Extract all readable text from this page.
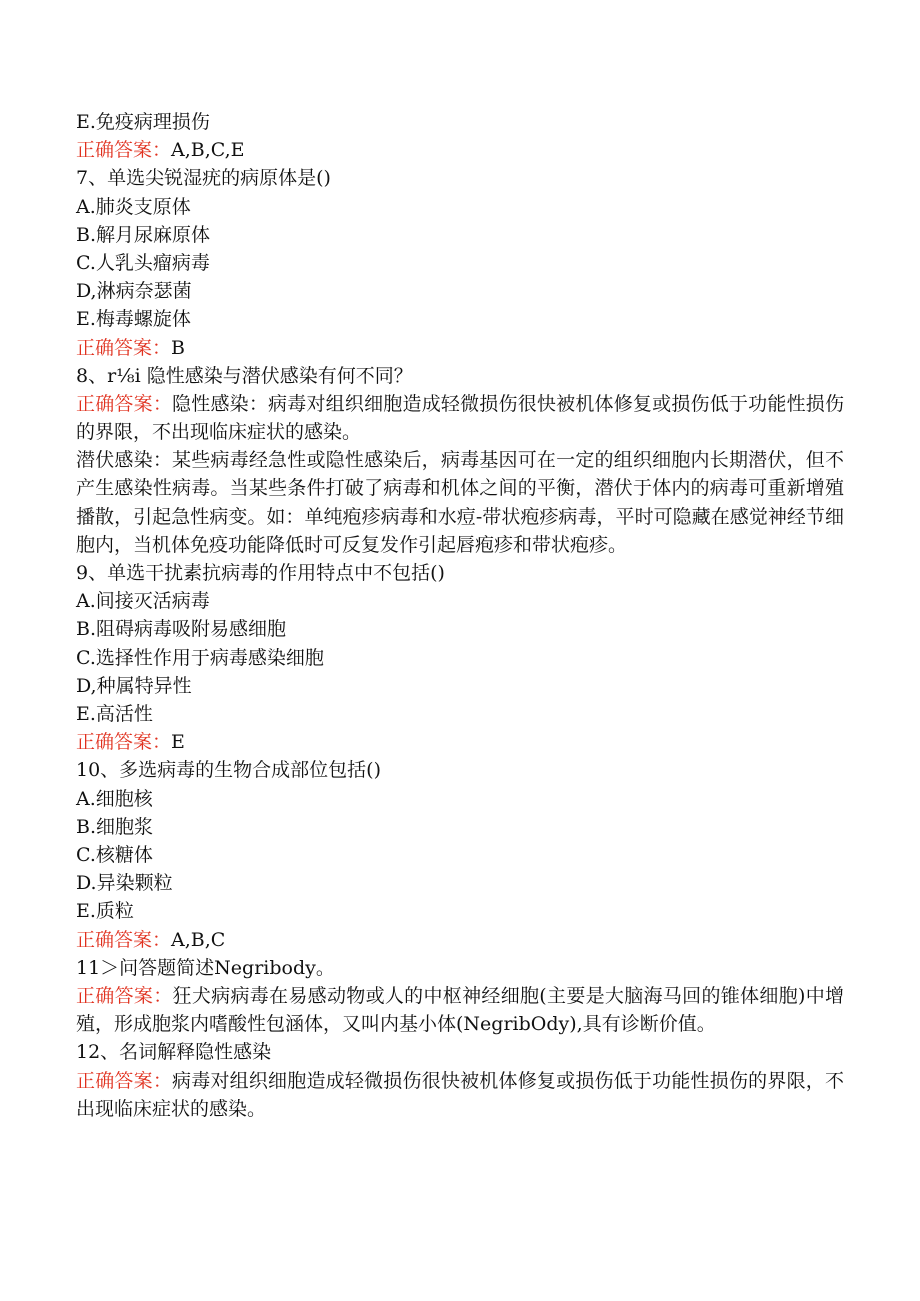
E.免疫病理损伤
正确答案：A,B,C,E
7、单选尖锐湿疣的病原体是()
A.肺炎支原体
B.解月尿麻原体
C.人乳头瘤病毒
D,淋病奈瑟菌
E.梅毒螺旋体
正确答案：B
8、r⅛i 隐性感染与潜伏感染有何不同？
正确答案：隐性感染：病毒对组织细胞造成轻微损伤很快被机体修复或损伤低于功能性损伤的界限，不出现临床症状的感染。
潜伏感染：某些病毒经急性或隐性感染后，病毒基因可在一定的组织细胞内长期潜伏，但不产生感染性病毒。当某些条件打破了病毒和机体之间的平衡，潜伏于体内的病毒可重新增殖播散，引起急性病变。如：单纯疱疹病毒和水痘-带状疱疹病毒，平时可隐藏在感觉神经节细胞内，当机体免疫功能降低时可反复发作引起唇疱疹和带状疱疹。
9、单选干扰素抗病毒的作用特点中不包括()
A.间接灭活病毒
B.阻碍病毒吸附易感细胞
C.选择性作用于病毒感染细胞
D,种属特异性
E.高活性
正确答案：E
10、多选病毒的生物合成部位包括()
A.细胞核
B.细胞浆
C.核糖体
D.异染颗粒
E.质粒
正确答案：A,B,C
11＞问答题简述Negribody。
正确答案：狂犬病病毒在易感动物或人的中枢神经细胞(主要是大脑海马回的锥体细胞)中增殖，形成胞浆内嗜酸性包涵体，又叫内基小体(NegribOdy),具有诊断价值。
12、名词解释隐性感染
正确答案：病毒对组织细胞造成轻微损伤很快被机体修复或损伤低于功能性损伤的界限，不出现临床症状的感染。
